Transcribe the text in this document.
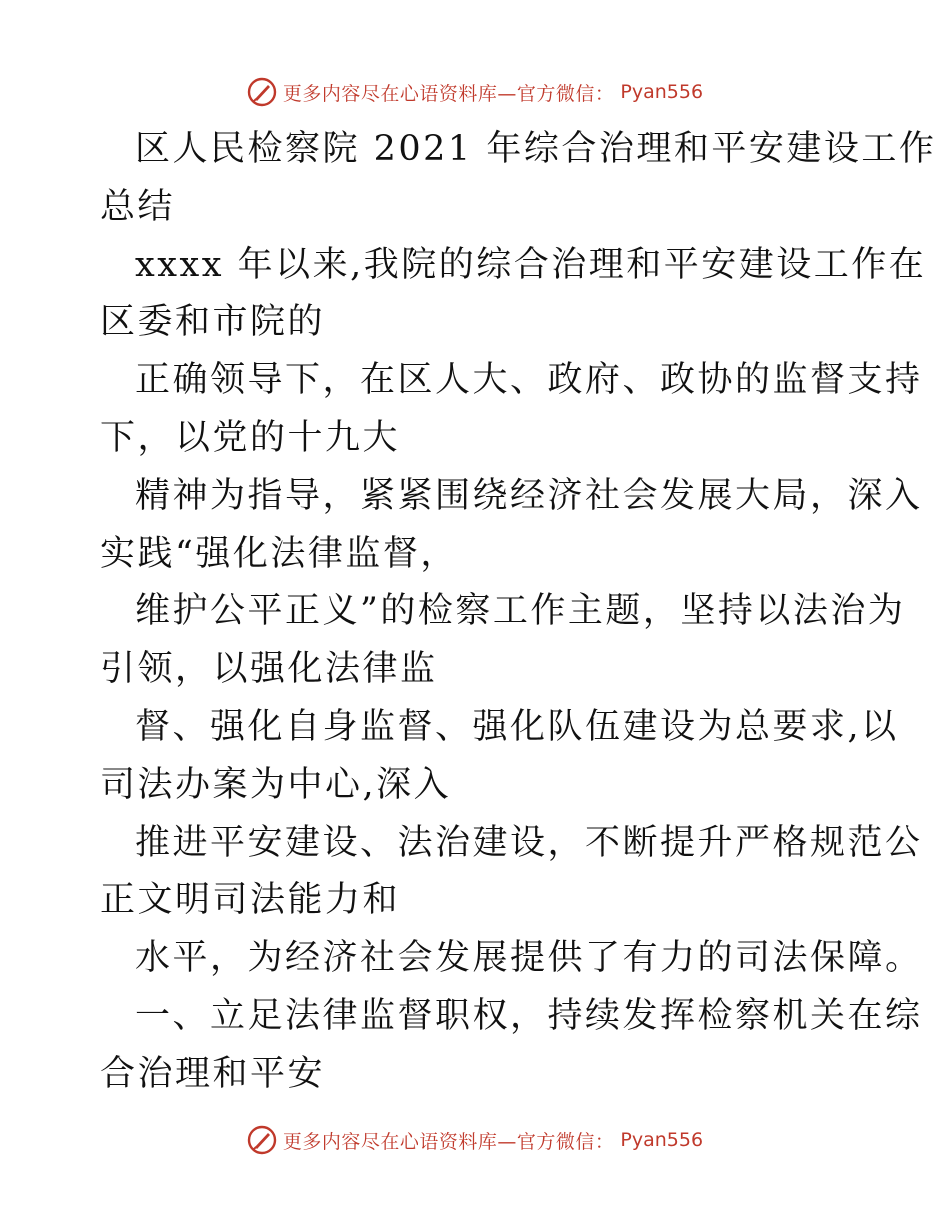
更多内容尽在心语资料库—官方微信： Pyan556
区人民检察院 2021 年综合治理和平安建设工作
总结
xxxx 年以来,我院的综合治理和平安建设工作在
区委和市院的
正确领导下，在区人大、政府、政协的监督支持
下，以党的十九大
精神为指导，紧紧围绕经济社会发展大局，深入
实践“强化法律监督，
维护公平正义”的检察工作主题，坚持以法治为
引领，以强化法律监
督、强化自身监督、强化队伍建设为总要求,以
司法办案为中心,深入
推进平安建设、法治建设，不断提升严格规范公
正文明司法能力和
水平，为经济社会发展提供了有力的司法保障。
一、立足法律监督职权，持续发挥检察机关在综
合治理和平安
更多内容尽在心语资料库—官方微信： Pyan556
